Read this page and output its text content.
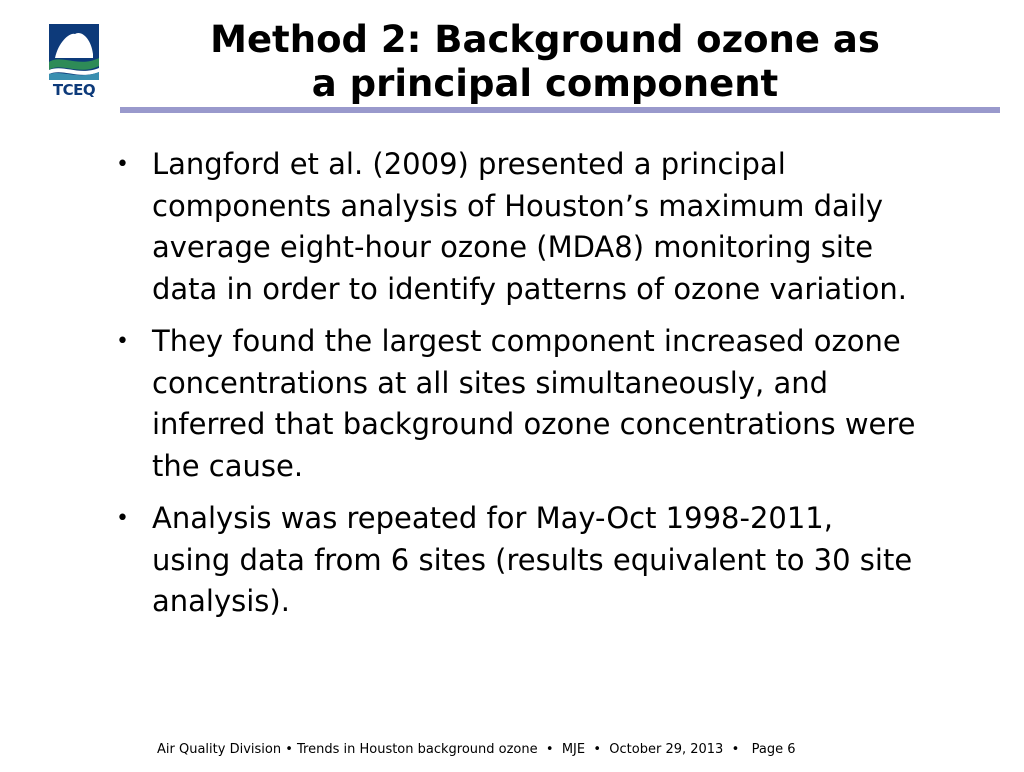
TCEQ
Method 2: Background ozone as
a principal component
• Langford et al. (2009) presented a principal components analysis of Houston’s maximum daily average eight-hour ozone (MDA8) monitoring site data in order to identify patterns of ozone variation.
• They found the largest component increased ozone concentrations at all sites simultaneously, and inferred that background ozone concentrations were the cause.
• Analysis was repeated for May-Oct 1998-2011, using data from 6 sites (results equivalent to 30 site analysis).

Air Quality Division • Trends in Houston background ozone  •  MJE  •  October 29, 2013  •   Page 6
